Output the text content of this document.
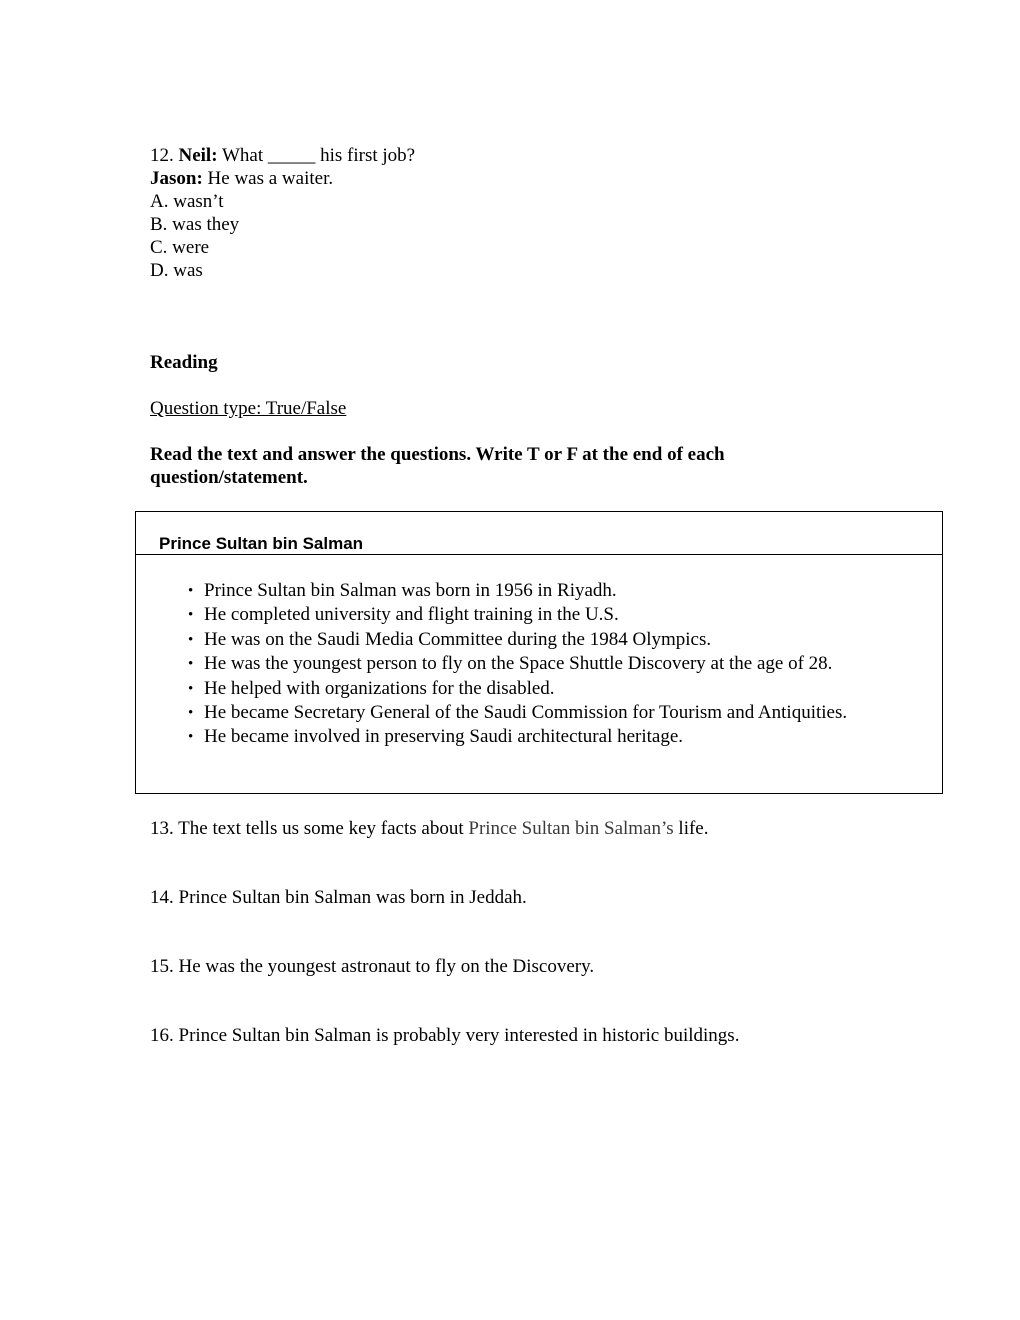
12. Neil: What _____ his first job?
Jason: He was a waiter.
A. wasn’t
B. was they
C. were
D. was
Reading
Question type: True/False
Read the text and answer the questions. Write T or F at the end of each
question/statement.
Prince Sultan bin Salman
• Prince Sultan bin Salman was born in 1956 in Riyadh.
• He completed university and flight training in the U.S.
• He was on the Saudi Media Committee during the 1984 Olympics.
• He was the youngest person to fly on the Space Shuttle Discovery at the age of 28.
• He helped with organizations for the disabled.
• He became Secretary General of the Saudi Commission for Tourism and Antiquities.
• He became involved in preserving Saudi architectural heritage.
13. The text tells us some key facts about Prince Sultan bin Salman’s life.
14. Prince Sultan bin Salman was born in Jeddah.
15. He was the youngest astronaut to fly on the Discovery.
16. Prince Sultan bin Salman is probably very interested in historic buildings.
